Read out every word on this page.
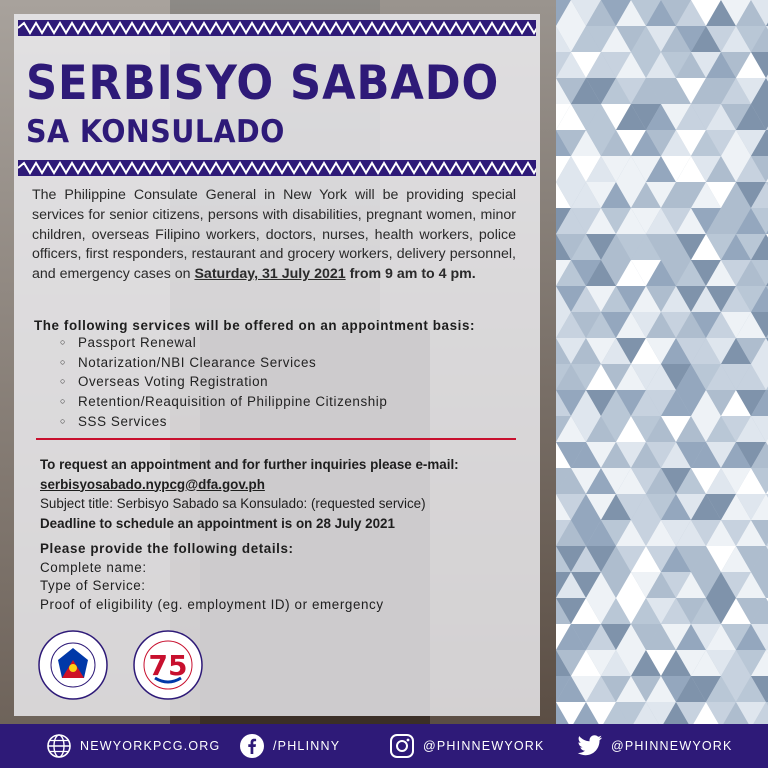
SERBISYO SABADO
SA KONSULADO

The Philippine Consulate General in New York will be providing special services for senior citizens, persons with disabilities, pregnant women, minor children, overseas Filipino workers, doctors, nurses, health workers, police officers, first responders, restaurant and grocery workers, delivery personnel, and emergency cases on Saturday, 31 July 2021 from 9 am to 4 pm.

The following services will be offered on an appointment basis:
○ Passport Renewal
○ Notarization/NBI Clearance Services
○ Overseas Voting Registration
○ Retention/Reaquisition of Philippine Citizenship
○ SSS Services
To request an appointment and for further inquiries please e-mail:
serbisyosabado.nypcg@dfa.gov.ph
Subject title: Serbisyo Sabado sa Konsulado: (requested service)
Deadline to schedule an appointment is on 28 July 2021
Please provide the following details:
Complete name:
Type of Service:
Proof of eligibility (eg. employment ID) or emergency
75
NEWYORKPCG.ORG	/PHLINNY	@PHINNEWYORK	@PHINNEWYORK
